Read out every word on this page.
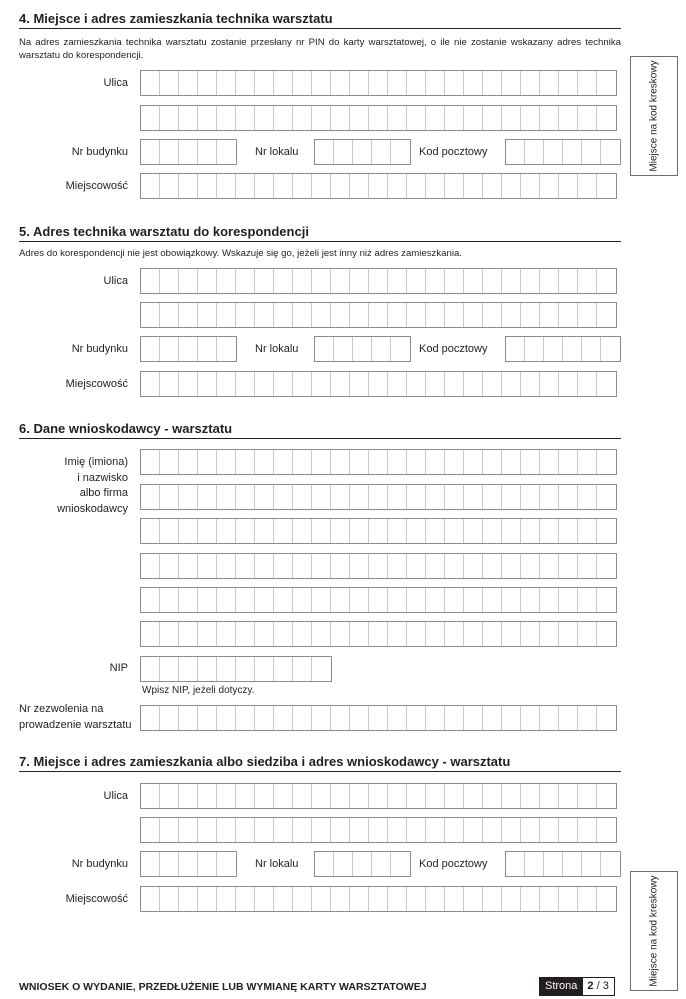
Miejsce na kod kreskowy
Miejsce na kod kreskowy
4. Miejsce i adres zamieszkania technika warsztatu
Na adres zamieszkania technika warsztatu zostanie przesłany nr PIN do karty warsztatowej, o ile nie zostanie wskazany adres technika warsztatu do korespondencji.
Ulica
Nr budynku	Nr lokalu	Kod pocztowy
Miejscowość
5. Adres technika warsztatu do korespondencji
Adres do korespondencji nie jest obowiązkowy. Wskazuje się go, jeżeli jest inny niż adres zamieszkania.
Ulica
Nr budynku	Nr lokalu	Kod pocztowy
Miejscowość
6. Dane wnioskodawcy - warsztatu
Imię (imiona)
i nazwisko
albo firma
wnioskodawcy
NIP
Wpisz NIP, jeżeli dotyczy.
Nr zezwolenia na
prowadzenie warsztatu
7. Miejsce i adres zamieszkania albo siedziba i adres wnioskodawcy - warsztatu
Ulica
Nr budynku	Nr lokalu	Kod pocztowy
Miejscowość
WNIOSEK O WYDANIE, PRZEDŁUŻENIE LUB WYMIANĘ KARTY WARSZTATOWEJ	Strona 2 / 3
